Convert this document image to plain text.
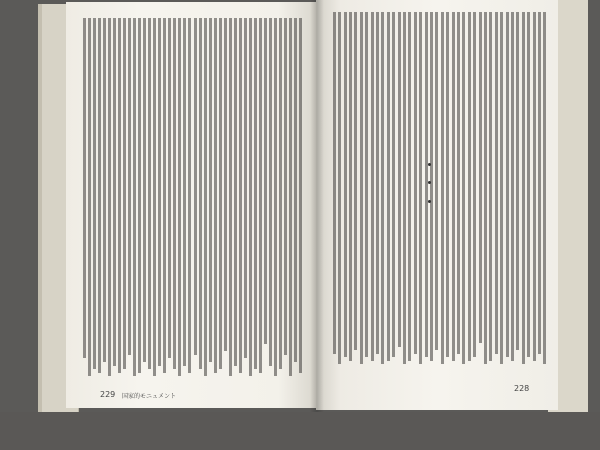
229 国家的モニュメント
228
